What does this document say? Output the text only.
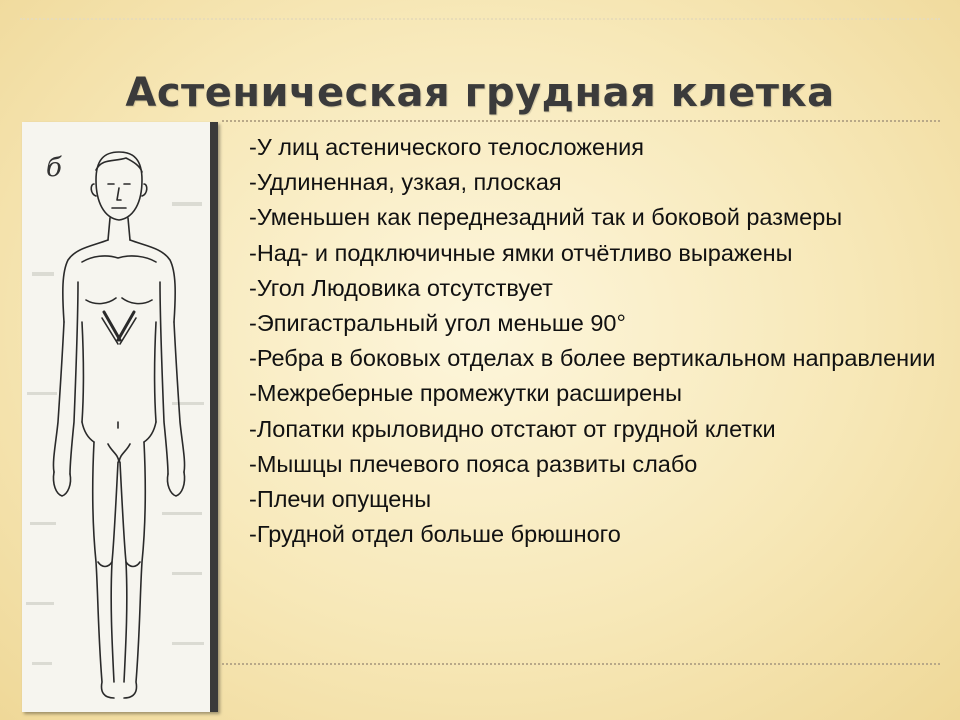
Астеническая грудная клетка
б
-У лиц астенического телосложения
-Удлиненная, узкая, плоская
-Уменьшен как переднезадний так и боковой размеры
-Над- и подключичные ямки отчётливо выражены
-Угол Людовика отсутствует
-Эпигастральный угол меньше 90°
-Ребра в боковых отделах в более вертикальном направлении
-Межреберные промежутки расширены
-Лопатки крыловидно отстают от грудной клетки
-Мышцы плечевого пояса развиты слабо
-Плечи опущены
-Грудной отдел больше брюшного
